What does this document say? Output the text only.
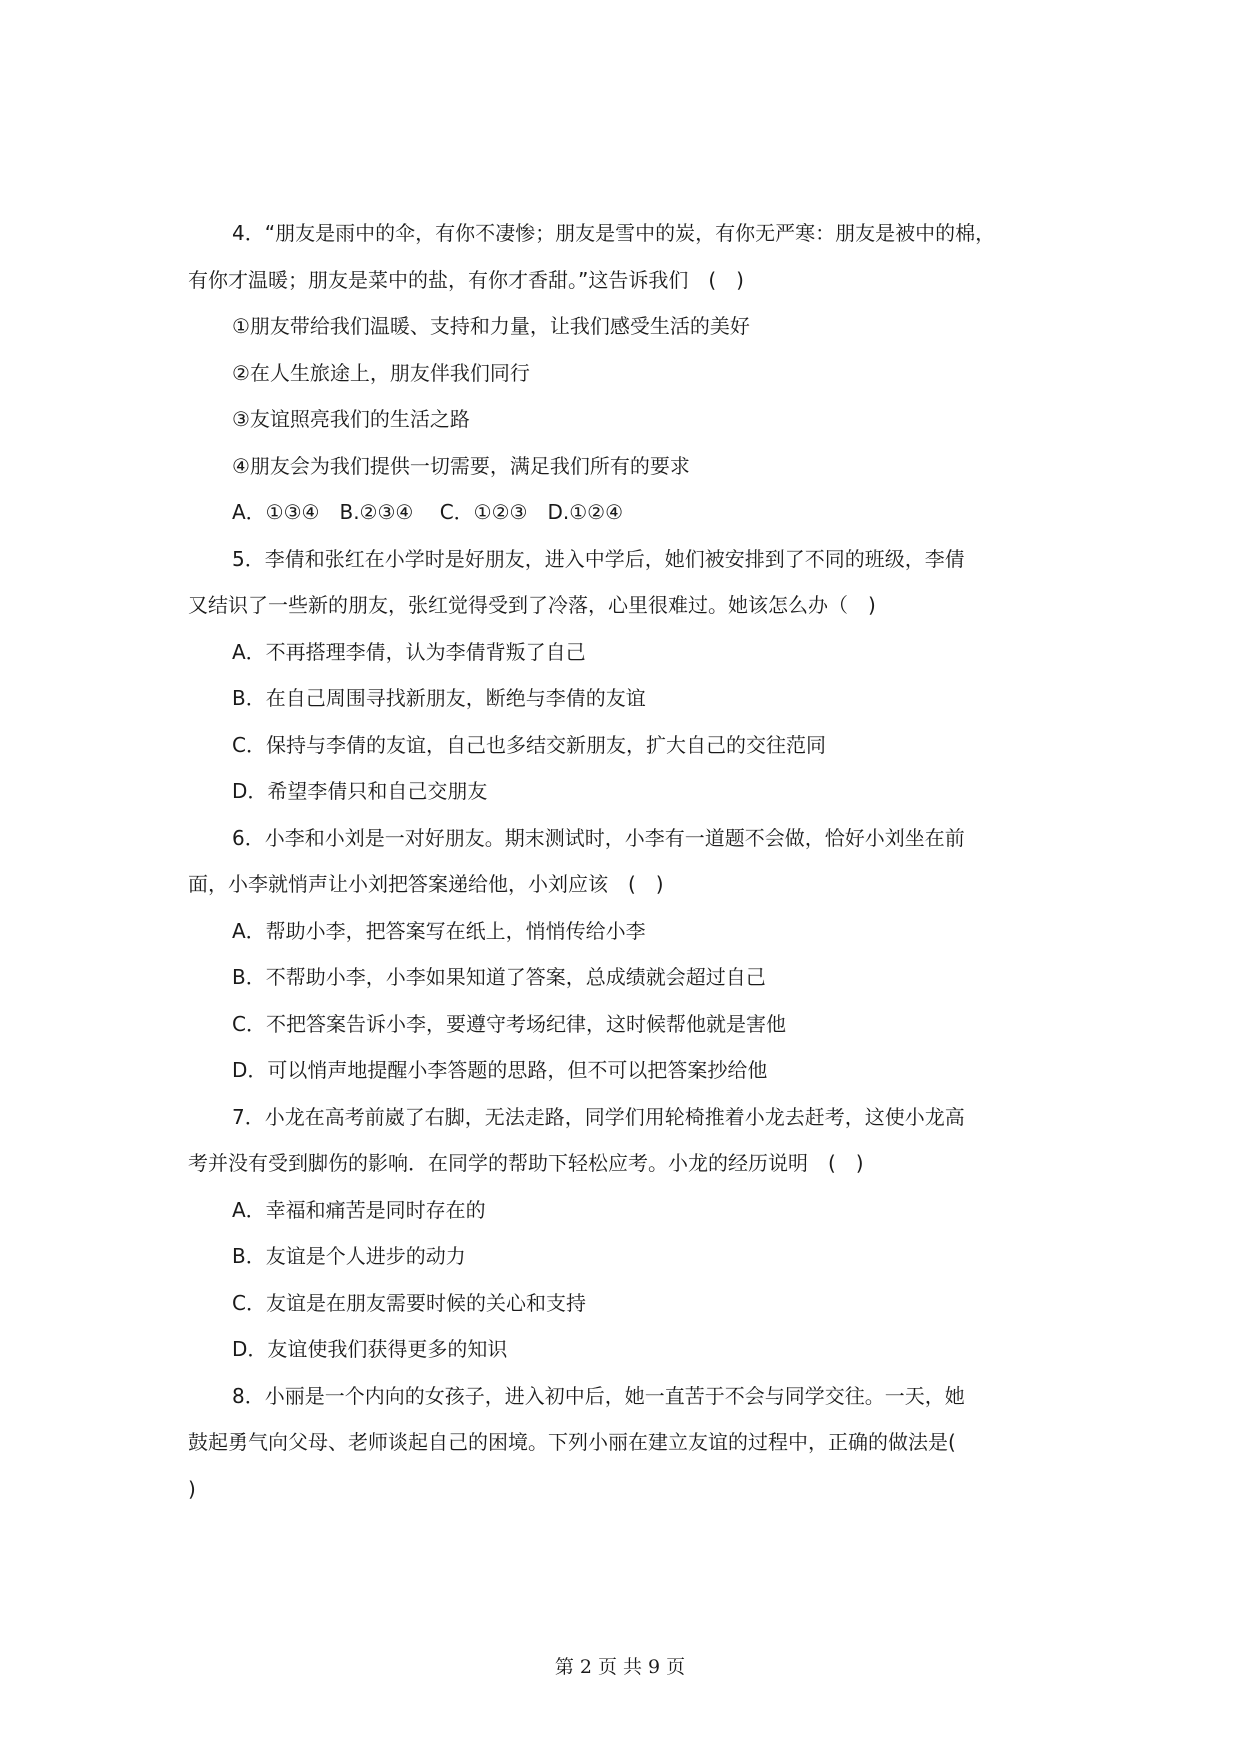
4．“朋友是雨中的伞，有你不凄惨；朋友是雪中的炭，有你无严寒：朋友是被中的棉，
有你才温暖；朋友是菜中的盐，有你才香甜。”这告诉我们　(　)
①朋友带给我们温暖、支持和力量，让我们感受生活的美好
②在人生旅途上，朋友伴我们同行
③友谊照亮我们的生活之路
④朋友会为我们提供一切需要，满足我们所有的要求
A．①③④　B.②③④　 C．①②③　D.①②④
5．李倩和张红在小学时是好朋友，进入中学后，她们被安排到了不同的班级，李倩
又结识了一些新的朋友，张红觉得受到了冷落，心里很难过。她该怎么办（　)
A．不再搭理李倩，认为李倩背叛了自己
B．在自己周围寻找新朋友，断绝与李倩的友谊
C．保持与李倩的友谊，自己也多结交新朋友，扩大自己的交往范同
D．希望李倩只和自己交朋友
6．小李和小刘是一对好朋友。期末测试时，小李有一道题不会做，恰好小刘坐在前
面，小李就悄声让小刘把答案递给他，小刘应该　(　)
A．帮助小李，把答案写在纸上，悄悄传给小李
B．不帮助小李，小李如果知道了答案，总成绩就会超过自己
C．不把答案告诉小李，要遵守考场纪律，这时候帮他就是害他
D．可以悄声地提醒小李答题的思路，但不可以把答案抄给他
7．小龙在高考前崴了右脚，无法走路，同学们用轮椅推着小龙去赶考，这使小龙高
考并没有受到脚伤的影响．在同学的帮助下轻松应考。小龙的经历说明　(　)
A．幸福和痛苦是同时存在的
B．友谊是个人进步的动力
C．友谊是在朋友需要时候的关心和支持
D．友谊使我们获得更多的知识
8．小丽是一个内向的女孩子，进入初中后，她一直苦于不会与同学交往。一天，她
鼓起勇气向父母、老师谈起自己的困境。下列小丽在建立友谊的过程中，正确的做法是(
)
第 2 页 共 9 页
